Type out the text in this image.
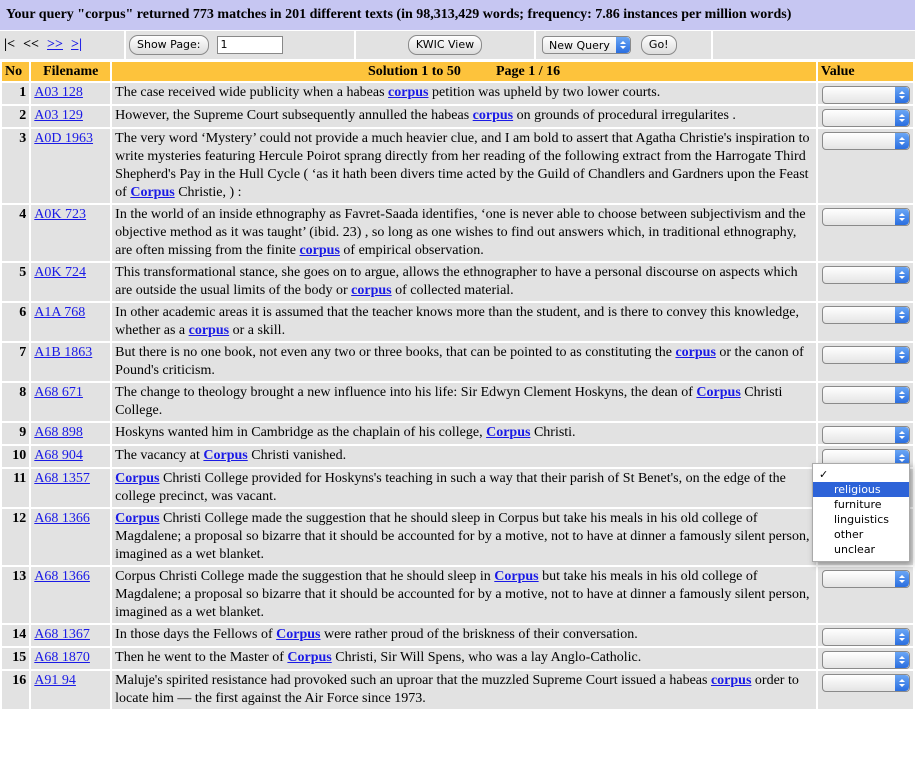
Your query "corpus" returned 773 matches in 201 different texts (in 98,313,429 words; frequency: 7.86 instances per million words)
|< << >> >|	Show Page:	1	KWIC View	New Query	Go!
No	Filename	Solution 1 to 50 Page 1 / 16	Value
1	A03 128	The case received wide publicity when a habeas corpus petition was upheld by two lower courts.	

2	A03 129	However, the Supreme Court subsequently annulled the habeas corpus on grounds of procedural irregularites .	

3	A0D 1963	The very word ‘Mystery’ could not provide a much heavier clue, and I am bold to assert that Agatha Christie's inspiration to write mysteries featuring Hercule Poirot sprang directly from her reading of the following extract from the Harrogate Third Shepherd's Pay in the Hull Cycle ( ‘as it hath been divers time acted by the Guild of Chandlers and Gardners upon the Feast of Corpus Christie, ) :	

4	A0K 723	In the world of an inside ethnography as Favret-Saada identifies, ‘one is never able to choose between subjectivism and the objective method as it was taught’ (ibid. 23) , so long as one wishes to find out answers which, in traditional ethnography, are often missing from the finite corpus of empirical observation.	

5	A0K 724	This transformational stance, she goes on to argue, allows the ethnographer to have a personal discourse on aspects which are outside the usual limits of the body or corpus of collected material.	

6	A1A 768	In other academic areas it is assumed that the teacher knows more than the student, and is there to convey this knowledge, whether as a corpus or a skill.	

7	A1B 1863	But there is no one book, not even any two or three books, that can be pointed to as constituting the corpus or the canon of Pound's criticism.	

8	A68 671	The change to theology brought a new influence into his life: Sir Edwyn Clement Hoskyns, the dean of Corpus Christi College.	

9	A68 898	Hoskyns wanted him in Cambridge as the chaplain of his college, Corpus Christi.	

10	A68 904	The vacancy at Corpus Christi vanished.	

11	A68 1357	Corpus Christi College provided for Hoskyns's teaching in such a way that their parish of St Benet's, on the edge of the college precinct, was vacant.	

12	A68 1366	Corpus Christi College made the suggestion that he should sleep in Corpus but take his meals in his old college of Magdalene; a proposal so bizarre that it should be accounted for by a motive, not to have at dinner a famously silent person, imagined as a wet blanket.	

13	A68 1366	Corpus Christi College made the suggestion that he should sleep in Corpus but take his meals in his old college of Magdalene; a proposal so bizarre that it should be accounted for by a motive, not to have at dinner a famously silent person, imagined as a wet blanket.	

14	A68 1367	In those days the Fellows of Corpus were rather proud of the briskness of their conversation.	

15	A68 1870	Then he went to the Master of Corpus Christi, Sir Will Spens, who was a lay Anglo-Catholic.	

16	A91 94	Maluje's spirited resistance had provoked such an uproar that the muzzled Supreme Court issued a habeas corpus order to locate him — the first against the Air Force since 1973.	
✓
religious
furniture
linguistics
other
unclear
